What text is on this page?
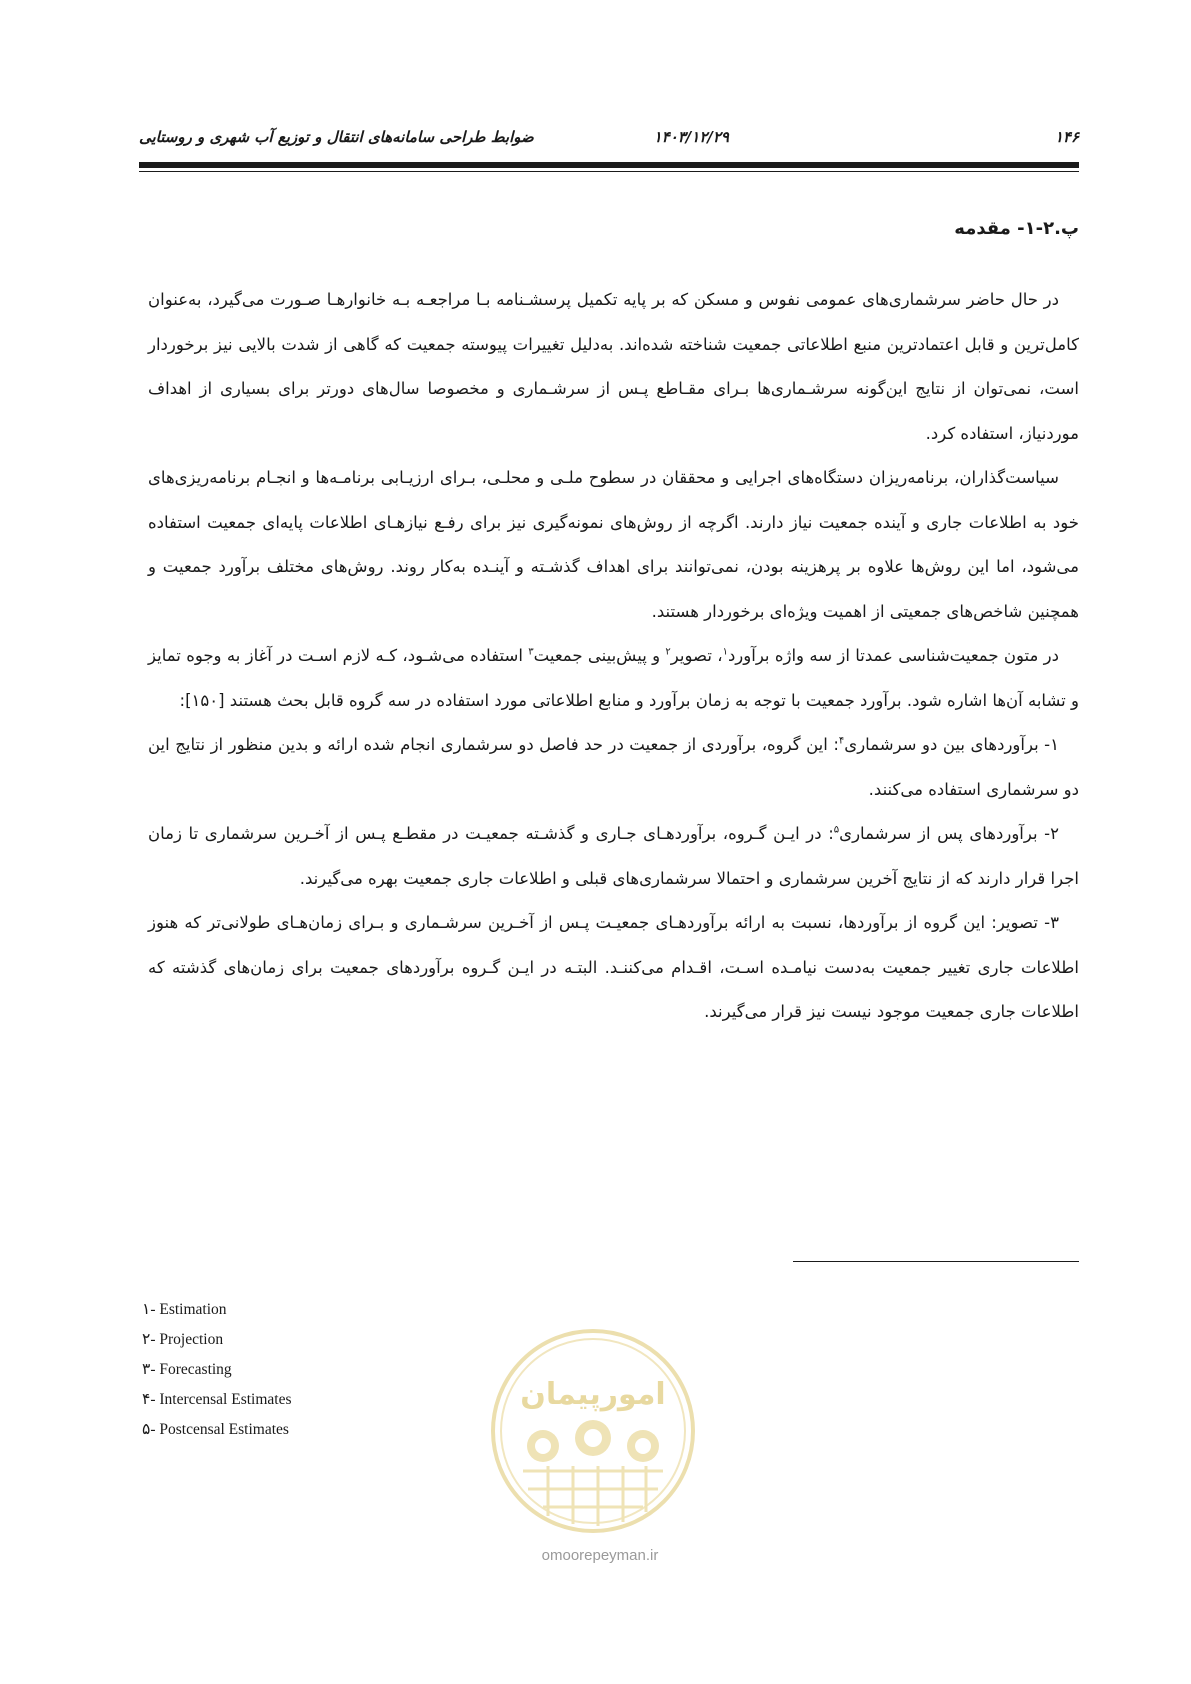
۱۴۶
۱۴۰۳/۱۲/۲۹
ضوابط طراحی سامانه‌های انتقال و توزیع آب شهری و روستایی
پ.۲-۱- مقدمه

در حال حاضر سرشماری‌های عمومی نفوس و مسکن که بر پایه تکمیل پرسشـنامه بـا مراجعـه بـه خانوارهـا صـورت می‌گیرد، به‌عنوان کامل‌ترین و قابل اعتمادترین منبع اطلاعاتی جمعیت شناخته شده‌اند. به‌دلیل تغییرات پیوسته جمعیت که گاهی از شدت بالایی نیز برخوردار است، نمی‌توان از نتایج این‌گونه سرشـماری‌ها بـرای مقـاطع پـس از سرشـماری و مخصوصا سال‌های دورتر برای بسیاری از اهداف موردنیاز، استفاده کرد.

سیاست‌گذاران، برنامه‌ریزان دستگاه‌های اجرایی و محققان در سطوح ملـی و محلـی، بـرای ارزیـابی برنامـه‌ها و انجـام برنامه‌ریزی‌های خود به اطلاعات جاری و آینده جمعیت نیاز دارند. اگرچه از روش‌های نمونه‌گیری نیز برای رفـع نیازهـای اطلاعات پایه‌ای جمعیت استفاده می‌شود، اما این روش‌ها علاوه بر پرهزینه بودن، نمی‌توانند برای اهداف گذشـته و آینـده به‌کار روند. روش‌های مختلف برآورد جمعیت و همچنین شاخص‌های جمعیتی از اهمیت ویژه‌ای برخوردار هستند.

در متون جمعیت‌شناسی عمدتا از سه واژه برآورد$^۱$، تصویر$^۲$ و پیش‌بینی جمعیت$^۳$ استفاده می‌شـود، کـه لازم اسـت در آغاز به وجوه تمایز و تشابه آن‌ها اشاره شود. برآورد جمعیت با توجه به زمان برآورد و منابع اطلاعاتی مورد استفاده در سه گروه قابل بحث هستند [۱۵۰]:

۱- برآوردهای بین دو سرشماری$^۴$: این گروه، برآوردی از جمعیت در حد فاصل دو سرشماری انجام شده ارائه و بدین منظور از نتایج این دو سرشماری استفاده می‌کنند.

۲- برآوردهای پس از سرشماری$^۵$: در ایـن گـروه، برآوردهـای جـاری و گذشـته جمعیـت در مقطـع پـس از آخـرین سرشماری تا زمان اجرا قرار دارند که از نتایج آخرین سرشماری و احتمالا سرشماری‌های قبلی و اطلاعات جاری جمعیت بهره می‌گیرند.

۳- تصویر: این گروه از برآوردها، نسبت به ارائه برآوردهـای جمعیـت پـس از آخـرین سرشـماری و بـرای زمان‌هـای طولانی‌تر که هنوز اطلاعات جاری تغییر جمعیت به‌دست نیامـده اسـت، اقـدام می‌کننـد. البتـه در ایـن گـروه برآوردهای جمعیت برای زمان‌های گذشته که اطلاعات جاری جمعیت موجود نیست نیز قرار می‌گیرند.

۱- Estimation
۲- Projection
۳- Forecasting
۴- Intercensal Estimates
۵- Postcensal Estimates
امورپیمان
omoorepeyman.ir
